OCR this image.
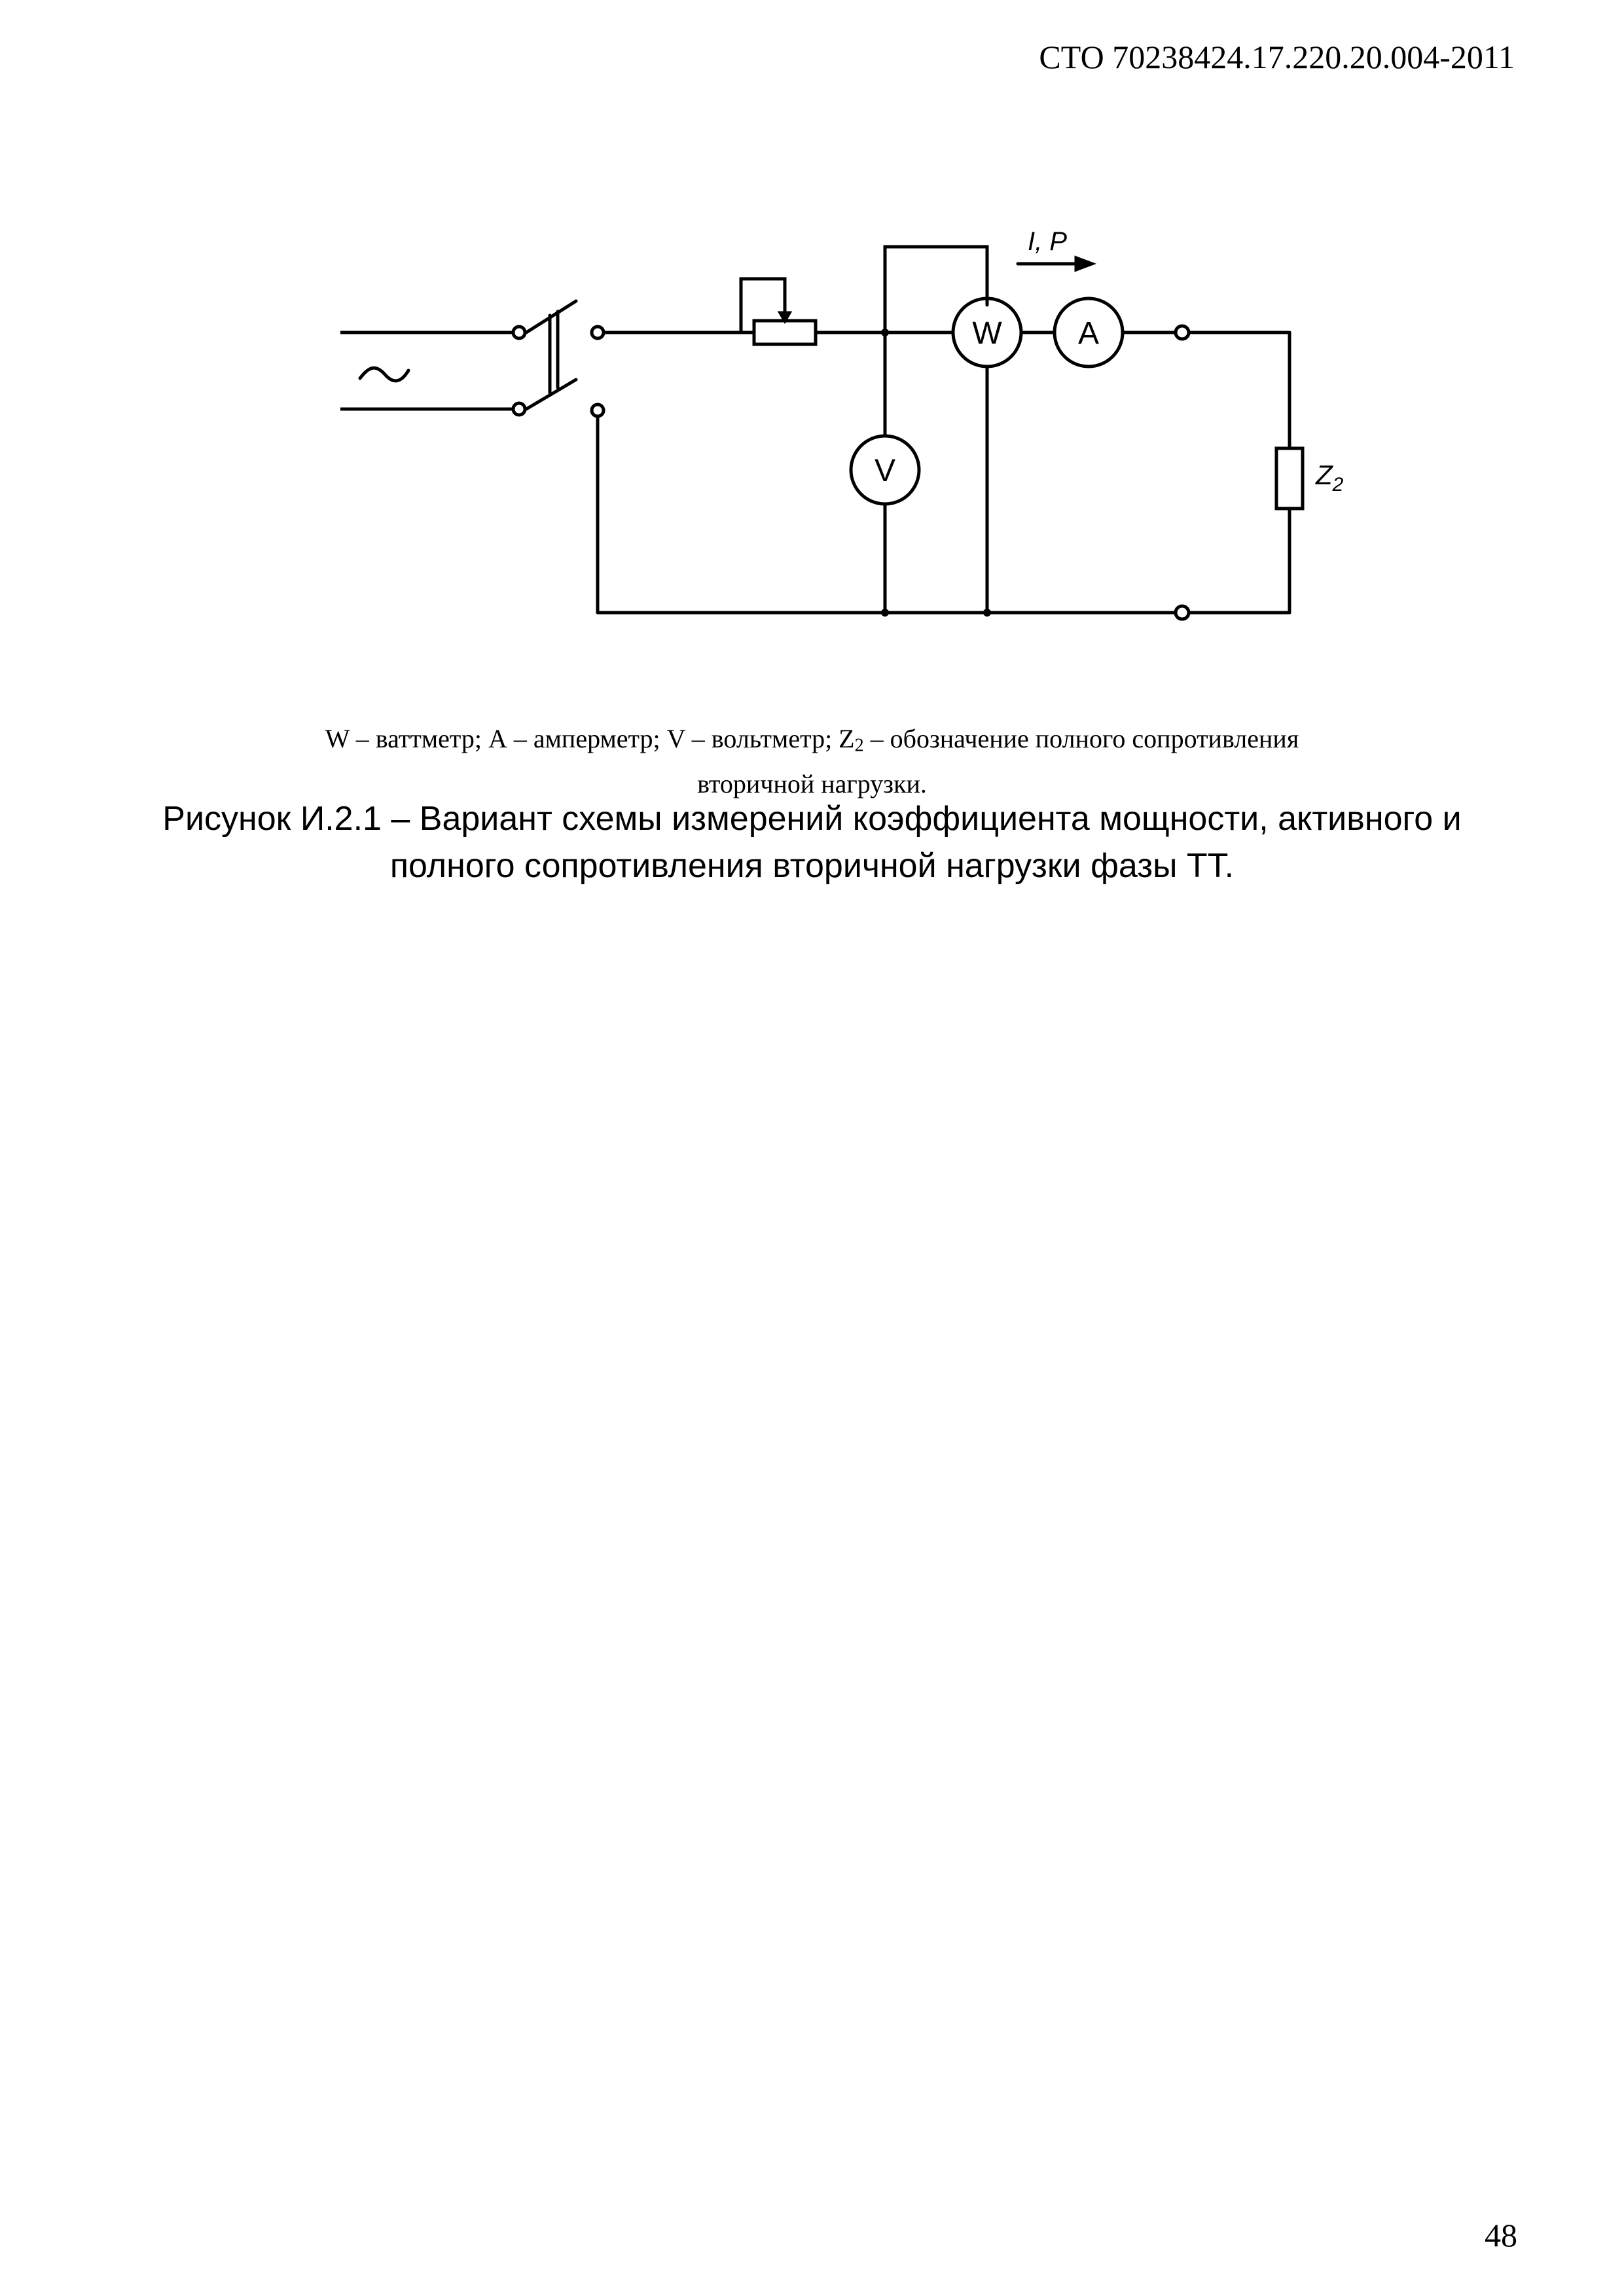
СТО 70238424.17.220.20.004-2011
W A
V
I, P
$Z_2$
W – ваттметр; А – амперметр; V – вольтметр; $Z_2$ – обозначение полного сопротивления
вторичной нагрузки.
Рисунок И.2.1 – Вариант схемы измерений коэффициента мощности, активного и
полного сопротивления вторичной нагрузки фазы ТТ.
48
